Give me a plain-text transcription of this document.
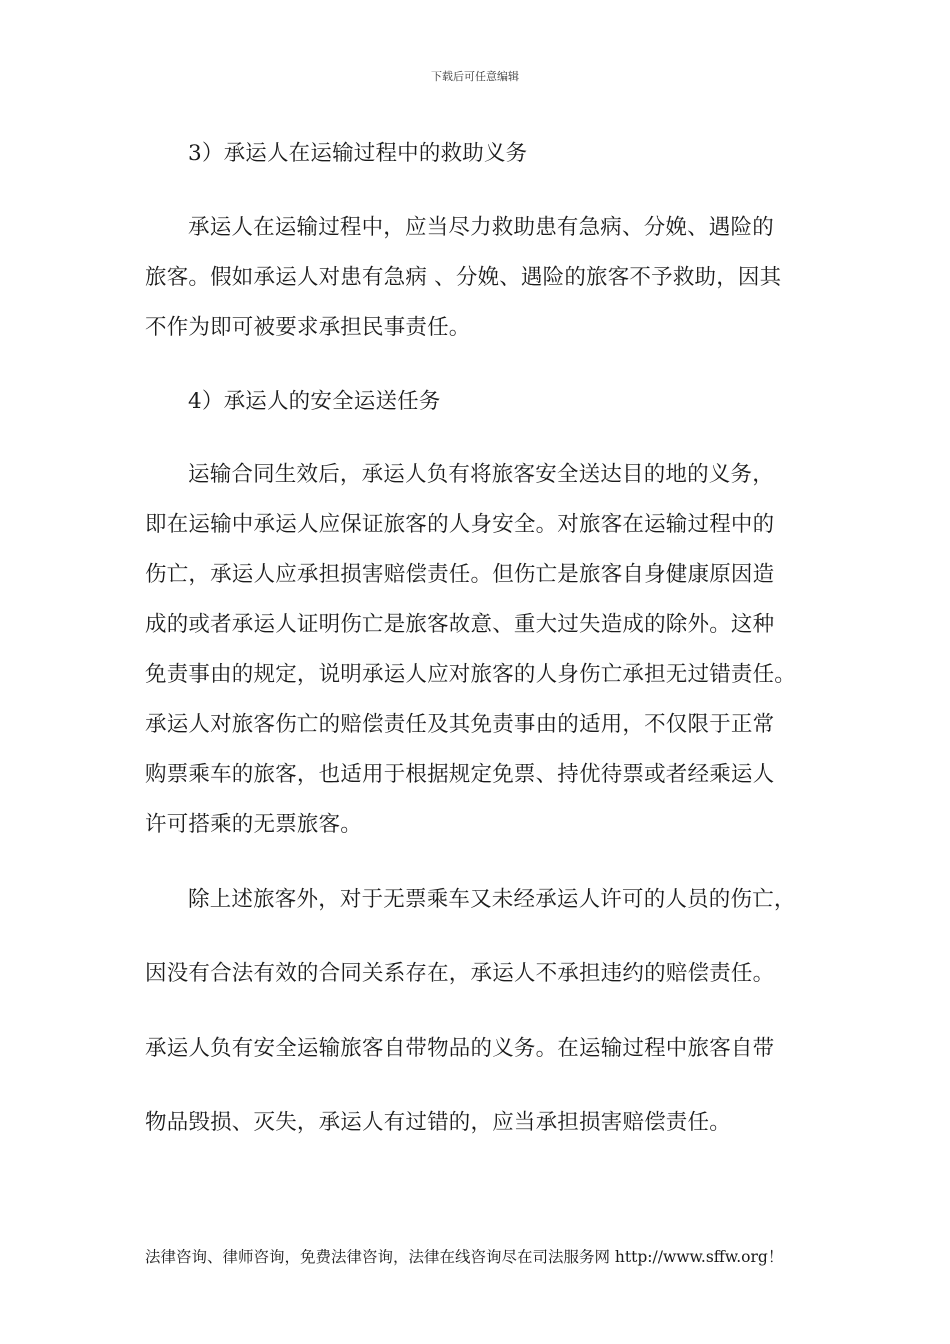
下载后可任意编辑
3）承运人在运输过程中的救助义务
承运人在运输过程中，应当尽力救助患有急病、分娩、遇险的
旅客。假如承运人对患有急病 、分娩、遇险的旅客不予救助，因其
不作为即可被要求承担民事责任。
4）承运人的安全运送任务
运输合同生效后，承运人负有将旅客安全送达目的地的义务，
即在运输中承运人应保证旅客的人身安全。对旅客在运输过程中的
伤亡，承运人应承担损害赔偿责任。但伤亡是旅客自身健康原因造
成的或者承运人证明伤亡是旅客故意、重大过失造成的除外。这种
免责事由的规定，说明承运人应对旅客的人身伤亡承担无过错责任。
承运人对旅客伤亡的赔偿责任及其免责事由的适用，不仅限于正常
购票乘车的旅客，也适用于根据规定免票、持优待票或者经乘运人
许可搭乘的无票旅客。
除上述旅客外，对于无票乘车又未经承运人许可的人员的伤亡，
因没有合法有效的合同关系存在，承运人不承担违约的赔偿责任。
承运人负有安全运输旅客自带物品的义务。在运输过程中旅客自带
物品毁损、灭失，承运人有过错的，应当承担损害赔偿责任。
法律咨询、律师咨询，免费法律咨询，法律在线咨询尽在司法服务网 http://www.sffw.org！
